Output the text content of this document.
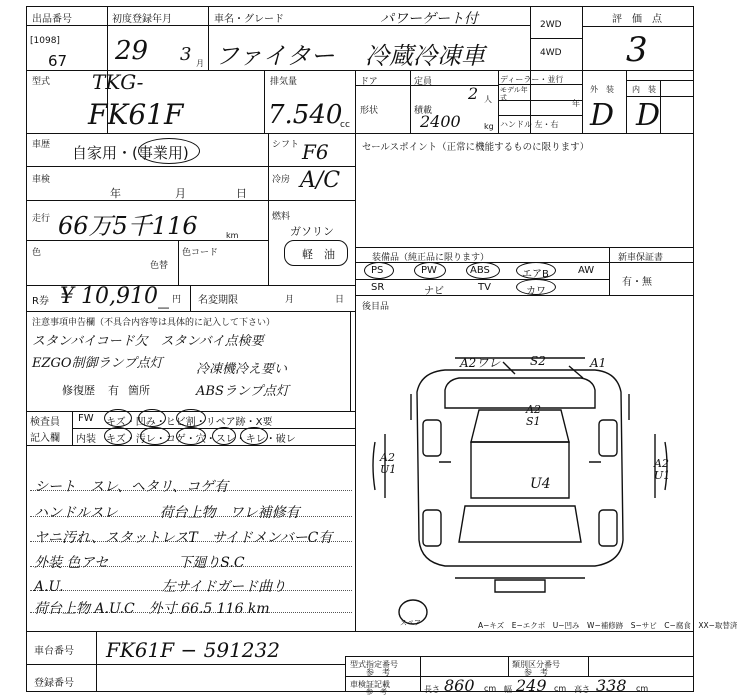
出品番号
[1098]
67
初度登録年月
29 3 月
車名・グレード	パワーゲート付
ファイター 冷蔵冷凍車
2WD
4WD
評　価　点
3
型式 TKG-
FK61F
排気量
7.540
cc
ドア	定員
2 人
ディーラー・並行
モデル年式
年
形状	積載
2400	kg ハンドル 左・右
外　装 内　装
D D
車歴 自家用・(事業用)	シフト F6
車検
年	月	日
冷房 A/C
走行 66万5千116	km
燃料
ガソリン
軽　油
色
色替
色コード
R券 ¥ 10,910_ 円 名変期限	月	日
セールスポイント（正常に機能するものに限ります）
装備品（純正品に限ります）	新車保証書
有・無
PS	PW	ABS	エアB	AW
SR	ナビ	TV	カワ
後目品
注意事項申告欄（不具合内容等は具体的に記入して下さい）
スタンバイコード欠　スタンバイ点検要
EZGO制御ランプ点灯	冷凍機冷え要い
修復歴 有 箇所	ABSランプ点灯
検査員
記入欄
FW キズ・凹み・ヒビ割・リペア跡・X要
内装 キズ・汚レ・コゲ・穴・スレ・キレ・破レ
シート　スレ、ヘタリ、コゲ有
ハンドルスレ　　　荷台上物　ワレ補修有
ヤニ汚れ、スタットレスT　サイドメンバーC有
外装 色アセ　　　　　下廻りS.C
A.U.　　　　　　　左サイドガード曲り
荷台上物 A.U.C　外寸 66.5 116 km
A2ワレ S2	A1
A2 S1
A2 U1	A2 U1
U4
スペア	A−キズ　E−エクボ　U−凹み　W−補修跡　S−サビ　C−腐食　XX−取替済
車台番号 FK61F − 591232
登録番号
型式指定番号
参　考
類別区分番号
参　考
車検証記載
参　考	長さ 860 cm 幅 249 cm 高さ 338 cm
